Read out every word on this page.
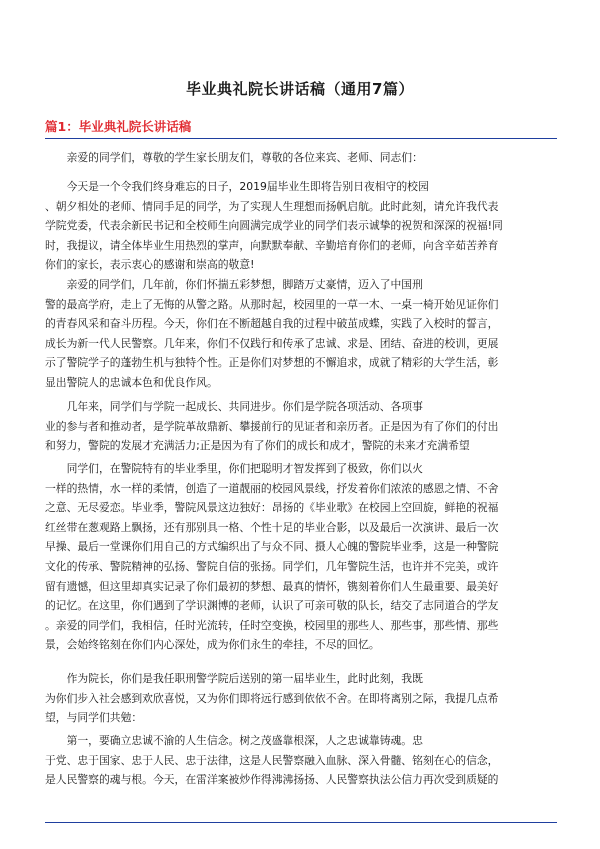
毕业典礼院长讲话稿（通用7篇）
篇1：毕业典礼院长讲话稿
　　亲爱的同学们，尊敬的学生家长朋友们，尊敬的各位来宾、老师、同志们：
　　今天是一个令我们终身难忘的日子，2019届毕业生即将告别日夜相守的校园
、朝夕相处的老师、情同手足的同学，为了实现人生理想而扬帆启航。此时此刻，请允许我代表
学院党委，代表余新民书记和全校师生向圆满完成学业的同学们表示诚挚的祝贺和深深的祝福!同
时，我提议，请全体毕业生用热烈的掌声，向默默奉献、辛勤培育你们的老师，向含辛茹苦养育
你们的家长，表示衷心的感谢和崇高的敬意!
　　亲爱的同学们，几年前，你们怀揣五彩梦想，脚踏万丈豪情，迈入了中国刑
警的最高学府，走上了无悔的从警之路。从那时起，校园里的一草一木、一桌一椅开始见证你们
的青春风采和奋斗历程。今天，你们在不断超越自我的过程中破茧成蝶，实践了入校时的誓言，
成长为新一代人民警察。几年来，你们不仅践行和传承了忠诚、求是、团结、奋进的校训，更展
示了警院学子的蓬勃生机与独特个性。正是你们对梦想的不懈追求，成就了精彩的大学生活，彰
显出警院人的忠诚本色和优良作风。
　　几年来，同学们与学院一起成长、共同进步。你们是学院各项活动、各项事
业的参与者和推动者，是学院革故鼎新、攀援前行的见证者和亲历者。正是因为有了你们的付出
和努力，警院的发展才充满活力;正是因为有了你们的成长和成才，警院的未来才充满希望
　　同学们，在警院特有的毕业季里，你们把聪明才智发挥到了极致，你们以火
一样的热情，水一样的柔情，创造了一道靓丽的校园风景线，抒发着你们浓浓的感恩之情、不舍
之意、无尽爱恋。毕业季，警院风景这边独好：昂扬的《毕业歌》在校园上空回旋，鲜艳的祝福
红丝带在葱观路上飘扬，还有那别具一格、个性十足的毕业合影，以及最后一次演讲、最后一次
早操、最后一堂课你们用自己的方式编织出了与众不同、摄人心魄的警院毕业季，这是一种警院
文化的传承、警院精神的弘扬、警院自信的张扬。同学们，几年警院生活，也许并不完美，或许
留有遗憾，但这里却真实记录了你们最初的梦想、最真的情怀，镌刻着你们人生最重要、最美好
的记忆。在这里，你们遇到了学识渊博的老师，认识了可亲可敬的队长，结交了志同道合的学友
。亲爱的同学们，我相信，任时光流转，任时空变换，校园里的那些人、那些事，那些情、那些
景，会始终铭刻在你们内心深处，成为你们永生的牵挂，不尽的回忆。
　　作为院长，你们是我任职刑警学院后送别的第一届毕业生，此时此刻，我既
为你们步入社会感到欢欣喜悦，又为你们即将远行感到依依不舍。在即将离别之际，我提几点希
望，与同学们共勉：
　　第一，要确立忠诚不渝的人生信念。树之茂盛靠根深，人之忠诚靠铸魂。忠
于党、忠于国家、忠于人民、忠于法律，这是人民警察融入血脉、深入骨髓、铭刻在心的信念，
是人民警察的魂与根。今天，在雷洋案被炒作得沸沸扬扬、人民警察执法公信力再次受到质疑的
